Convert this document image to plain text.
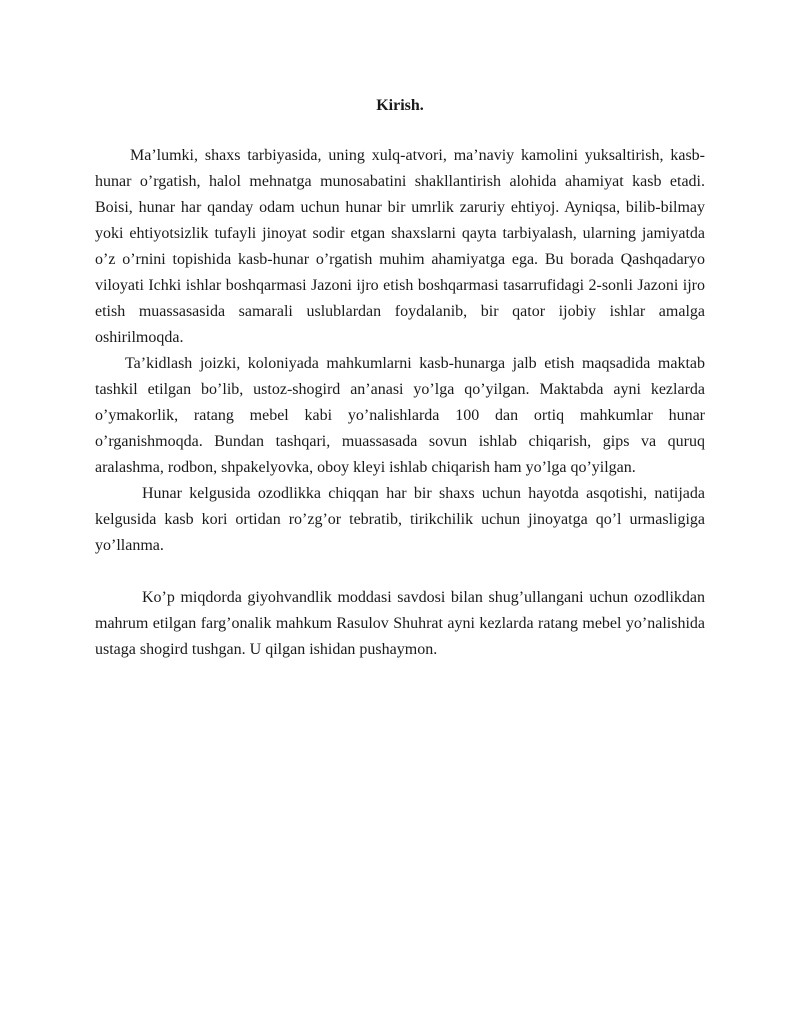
Kirish.

Ma’lumki, shaxs tarbiyasida, uning xulq-atvori, ma’naviy kamolini yuksaltirish, kasb-hunar o’rgatish, halol mehnatga munosabatini shakllantirish alohida ahamiyat kasb etadi. Boisi, hunar har qanday odam uchun hunar bir umrlik zaruriy ehtiyoj. Ayniqsa, bilib-bilmay yoki ehtiyotsizlik tufayli jinoyat sodir etgan shaxslarni qayta tarbiyalash, ularning jamiyatda o’z o’rnini topishida kasb-hunar o’rgatish muhim ahamiyatga ega. Bu borada Qashqadaryo viloyati Ichki ishlar boshqarmasi Jazoni ijro etish boshqarmasi tasarrufidagi 2-sonli Jazoni ijro etish muassasasida samarali uslublardan foydalanib, bir qator ijobiy ishlar amalga oshirilmoqda.

Ta’kidlash joizki, koloniyada mahkumlarni kasb-hunarga jalb etish maqsadida maktab tashkil etilgan bo’lib, ustoz-shogird an’anasi yo’lga qo’yilgan. Maktabda ayni kezlarda o’ymakorlik, ratang mebel kabi yo’nalishlarda 100 dan ortiq mahkumlar hunar o’rganishmoqda. Bundan tashqari, muassasada sovun ishlab chiqarish, gips va quruq aralashma, rodbon, shpakelyovka, oboy kleyi ishlab chiqarish ham yo’lga qo’yilgan.

Hunar kelgusida ozodlikka chiqqan har bir shaxs uchun hayotda asqotishi, natijada kelgusida kasb kori ortidan ro’zg’or tebratib, tirikchilik uchun jinoyatga qo’l urmasligiga yo’llanma.

Ko’p miqdorda giyohvandlik moddasi savdosi bilan shug’ullangani uchun ozodlikdan mahrum etilgan farg’onalik mahkum Rasulov Shuhrat ayni kezlarda ratang mebel yo’nalishida ustaga shogird tushgan. U qilgan ishidan pushaymon.
